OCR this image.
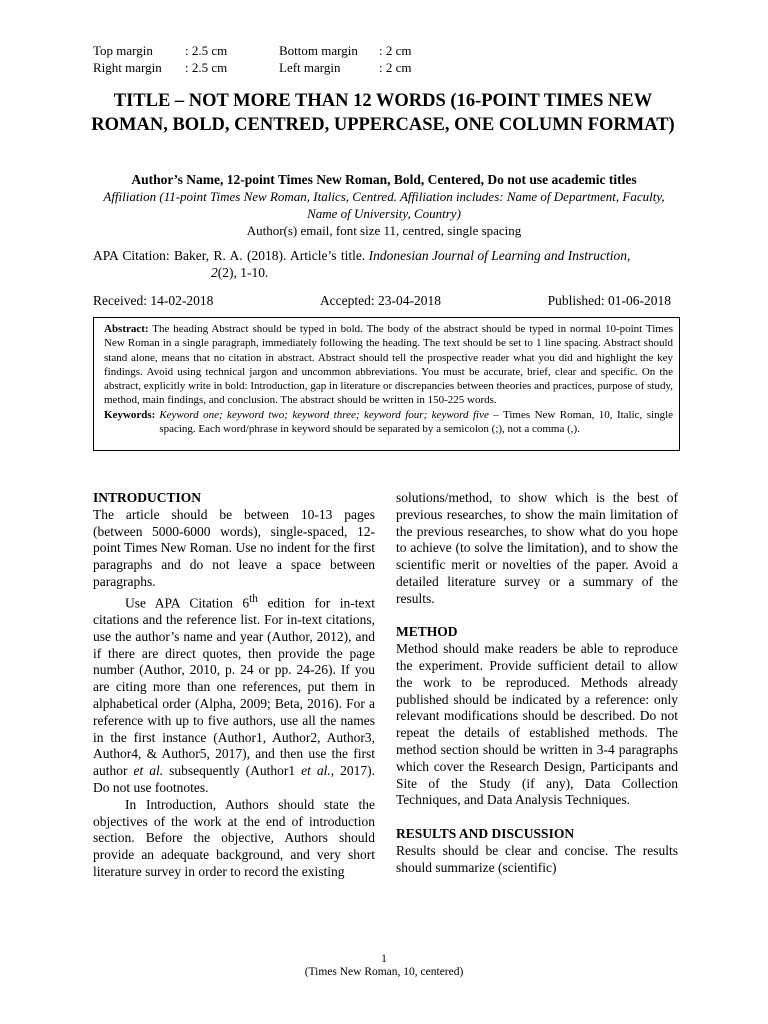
Top margin	: 2.5 cm	Bottom margin	: 2 cm
Right margin	: 2.5 cm	Left margin	: 2 cm
TITLE – NOT MORE THAN 12 WORDS (16-POINT TIMES NEW ROMAN, BOLD, CENTRED, UPPERCASE, ONE COLUMN FORMAT)
Author’s Name, 12-point Times New Roman, Bold, Centered, Do not use academic titles
Affiliation (11-point Times New Roman, Italics, Centred. Affiliation includes: Name of Department, Faculty, Name of University, Country)
Author(s) email, font size 11, centred, single spacing
APA Citation: Baker, R. A. (2018). Article’s title. Indonesian Journal of Learning and Instruction,
2(2), 1-10.
Received: 14-02-2018	Accepted: 23-04-2018	Published: 01-06-2018
Abstract: The heading Abstract should be typed in bold. The body of the abstract should be typed in normal 10-point Times New Roman in a single paragraph, immediately following the heading. The text should be set to 1 line spacing. Abstract should stand alone, means that no citation in abstract. Abstract should tell the prospective reader what you did and highlight the key findings. Avoid using technical jargon and uncommon abbreviations. You must be accurate, brief, clear and specific. On the abstract, explicitly write in bold: Introduction, gap in literature or discrepancies between theories and practices, purpose of study, method, main findings, and conclusion. The abstract should be written in 150-225 words.
Keywords: Keyword one; keyword two; keyword three; keyword four; keyword five – Times New Roman, 10, Italic, single spacing. Each word/phrase in keyword should be separated by a semicolon (;), not a comma (,).
INTRODUCTION

The article should be between 10-13 pages (between 5000-6000 words), single-spaced, 12-point Times New Roman. Use no indent for the first paragraphs and do not leave a space between paragraphs.

Use APA Citation 6th edition for in-text citations and the reference list. For in-text citations, use the author’s name and year (Author, 2012), and if there are direct quotes, then provide the page number (Author, 2010, p. 24 or pp. 24-26). If you are citing more than one references, put them in alphabetical order (Alpha, 2009; Beta, 2016). For a reference with up to five authors, use all the names in the first instance (Author1, Author2, Author3, Author4, & Author5, 2017), and then use the first author et al. subsequently (Author1 et al., 2017). Do not use footnotes.

In Introduction, Authors should state the objectives of the work at the end of introduction section. Before the objective, Authors should provide an adequate background, and very short literature survey in order to record the existing

solutions/method, to show which is the best of previous researches, to show the main limitation of the previous researches, to show what do you hope to achieve (to solve the limitation), and to show the scientific merit or novelties of the paper. Avoid a detailed literature survey or a summary of the results.

METHOD

Method should make readers be able to reproduce the experiment. Provide sufficient detail to allow the work to be reproduced. Methods already published should be indicated by a reference: only relevant modifications should be described. Do not repeat the details of established methods. The method section should be written in 3-4 paragraphs which cover the Research Design, Participants and Site of the Study (if any), Data Collection Techniques, and Data Analysis Techniques.

RESULTS AND DISCUSSION

Results should be clear and concise. The results should summarize (scientific)

1
(Times New Roman, 10, centered)
